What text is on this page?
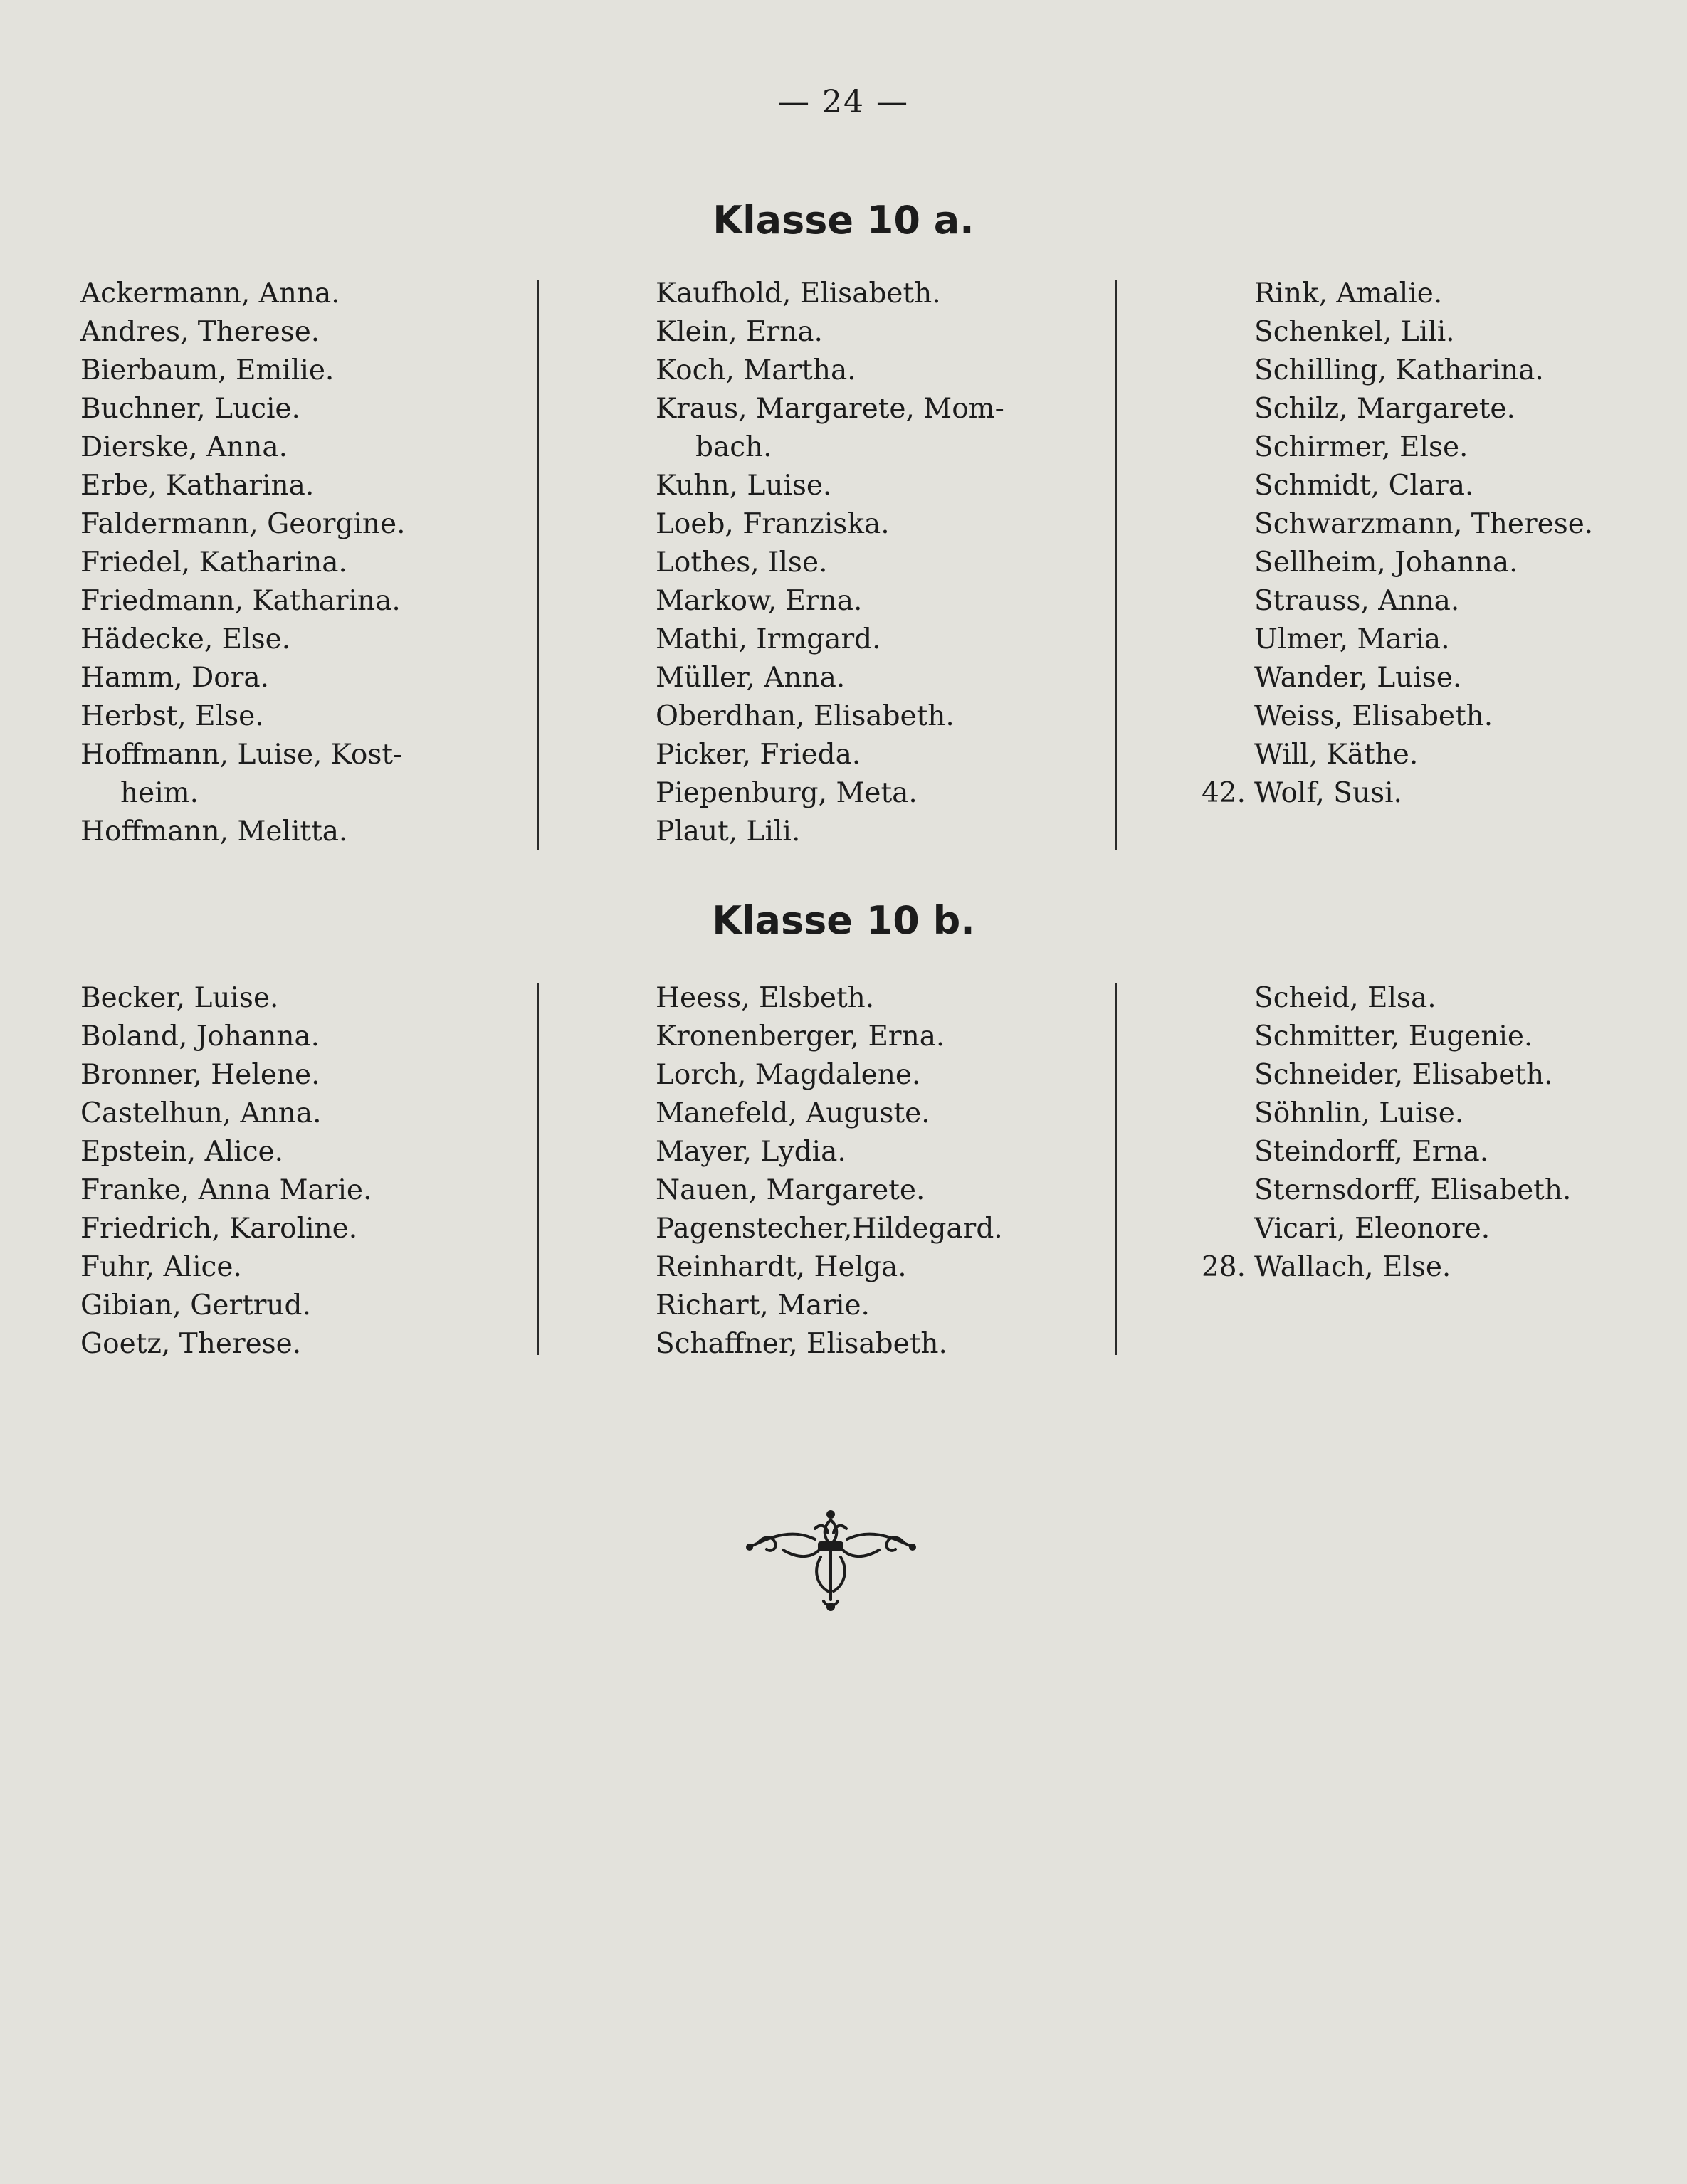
— 24 —
Klasse 10 a.
Ackermann, Anna.
Andres, Therese.
Bierbaum, Emilie.
Buchner, Lucie.
Dierske, Anna.
Erbe, Katharina.
Faldermann, Georgine.
Friedel, Katharina.
Friedmann, Katharina.
Hädecke, Else.
Hamm, Dora.
Herbst, Else.
Hoffmann, Luise, Kost-
heim.
Hoffmann, Melitta.
Kaufhold, Elisabeth.
Klein, Erna.
Koch, Martha.
Kraus, Margarete, Mom-
bach.
Kuhn, Luise.
Loeb, Franziska.
Lothes, Ilse.
Markow, Erna.
Mathi, Irmgard.
Müller, Anna.
Oberdhan, Elisabeth.
Picker, Frieda.
Piepenburg, Meta.
Plaut, Lili.
Rink, Amalie.
Schenkel, Lili.
Schilling, Katharina.
Schilz, Margarete.
Schirmer, Else.
Schmidt, Clara.
Schwarzmann, Therese.
Sellheim, Johanna.
Strauss, Anna.
Ulmer, Maria.
Wander, Luise.
Weiss, Elisabeth.
Will, Käthe.
42. Wolf, Susi.
Klasse 10 b.
Becker, Luise.
Boland, Johanna.
Bronner, Helene.
Castelhun, Anna.
Epstein, Alice.
Franke, Anna Marie.
Friedrich, Karoline.
Fuhr, Alice.
Gibian, Gertrud.
Goetz, Therese.
Heess, Elsbeth.
Kronenberger, Erna.
Lorch, Magdalene.
Manefeld, Auguste.
Mayer, Lydia.
Nauen, Margarete.
Pagenstecher,Hildegard.
Reinhardt, Helga.
Richart, Marie.
Schaffner, Elisabeth.
Scheid, Elsa.
Schmitter, Eugenie.
Schneider, Elisabeth.
Söhnlin, Luise.
Steindorff, Erna.
Sternsdorff, Elisabeth.
Vicari, Eleonore.
28. Wallach, Else.
